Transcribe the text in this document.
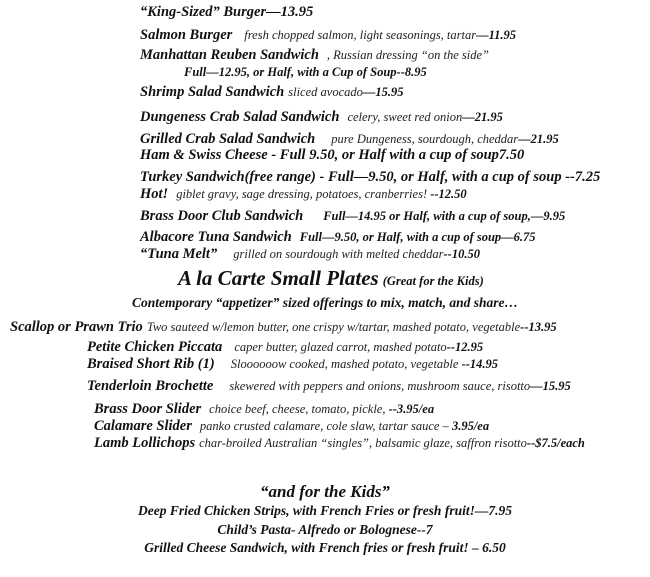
“King-Sized” Burger—13.95
Salmon Burger fresh chopped salmon, light seasonings, tartar—11.95
Manhattan Reuben Sandwich , Russian dressing “on the side”
Full—12.95, or Half, with a Cup of Soup--8.95
Shrimp Salad Sandwich sliced avocado—15.95
Dungeness Crab Salad Sandwich celery, sweet red onion—21.95
Grilled Crab Salad Sandwich pure Dungeness, sourdough, cheddar—21.95
Ham & Swiss Cheese - Full 9.50, or Half with a cup of soup7.50
Turkey Sandwich(free range) - Full—9.50, or Half, with a cup of soup --7.25
Hot! giblet gravy, sage dressing, potatoes, cranberries! --12.50
Brass Door Club Sandwich Full—14.95 or Half, with a cup of soup,—9.95
Albacore Tuna Sandwich Full—9.50, or Half, with a cup of soup—6.75
“Tuna Melt” grilled on sourdough with melted cheddar--10.50
A la Carte Small Plates (Great for the Kids)
Contemporary “appetizer” sized offerings to mix, match, and share…
Scallop or Prawn Trio Two sauteed w/lemon butter, one crispy w/tartar, mashed potato, vegetable--13.95
Petite Chicken Piccata caper butter, glazed carrot, mashed potato--12.95
Braised Short Rib (1) Sloooooow cooked, mashed potato, vegetable --14.95
Tenderloin Brochette skewered with peppers and onions, mushroom sauce, risotto—15.95
Brass Door Slider choice beef, cheese, tomato, pickle, --3.95/ea
Calamare Slider panko crusted calamare, cole slaw, tartar sauce – 3.95/ea
Lamb Lollichops char-broiled Australian “singles”, balsamic glaze, saffron risotto--$7.5/each
“and for the Kids”
Deep Fried Chicken Strips, with French Fries or fresh fruit!—7.95
Child’s Pasta- Alfredo or Bolognese--7
Grilled Cheese Sandwich, with French fries or fresh fruit! – 6.50
